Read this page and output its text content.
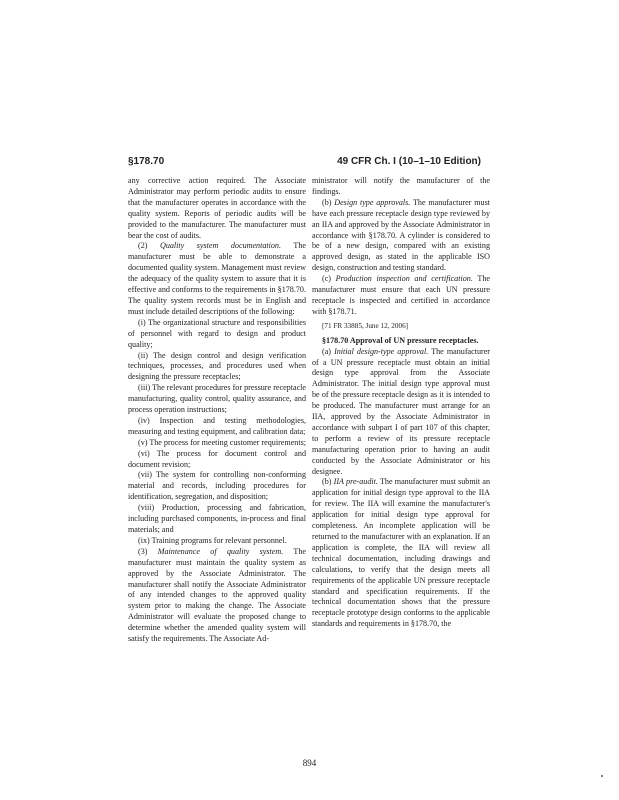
§178.70	49 CFR Ch. I (10–1–10 Edition)

any corrective action required. The Associate Administrator may perform periodic audits to ensure that the manufacturer operates in accordance with the quality system. Reports of periodic audits will be provided to the manufacturer. The manufacturer must bear the cost of audits.

(2) Quality system documentation. The manufacturer must be able to demonstrate a documented quality system. Management must review the adequacy of the quality system to assure that it is effective and conforms to the requirements in §178.70. The quality system records must be in English and must include detailed descriptions of the following:

(i) The organizational structure and responsibilities of personnel with regard to design and product quality;

(ii) The design control and design verification techniques, processes, and procedures used when designing the pressure receptacles;

(iii) The relevant procedures for pressure receptacle manufacturing, quality control, quality assurance, and process operation instructions;

(iv) Inspection and testing methodologies, measuring and testing equipment, and calibration data;

(v) The process for meeting customer requirements;

(vi) The process for document control and document revision;

(vii) The system for controlling non-conforming material and records, including procedures for identification, segregation, and disposition;

(viii) Production, processing and fabrication, including purchased components, in-process and final materials; and

(ix) Training programs for relevant personnel.

(3) Maintenance of quality system. The manufacturer must maintain the quality system as approved by the Associate Administrator. The manufacturer shall notify the Associate Administrator of any intended changes to the approved quality system prior to making the change. The Associate Administrator will evaluate the proposed change to determine whether the amended quality system will satisfy the requirements. The Associate Ad-

ministrator will notify the manufacturer of the findings.

(b) Design type approvals. The manufacturer must have each pressure receptacle design type reviewed by an IIA and approved by the Associate Administrator in accordance with §178.70. A cylinder is considered to be of a new design, compared with an existing approved design, as stated in the applicable ISO design, construction and testing standard.

(c) Production inspection and certification. The manufacturer must ensure that each UN pressure receptacle is inspected and certified in accordance with §178.71.

[71 FR 33885, June 12, 2006]

§178.70 Approval of UN pressure receptacles.

(a) Initial design-type approval. The manufacturer of a UN pressure receptacle must obtain an initial design type approval from the Associate Administrator. The initial design type approval must be of the pressure receptacle design as it is intended to be produced. The manufacturer must arrange for an IIA, approved by the Associate Administrator in accordance with subpart I of part 107 of this chapter, to perform a review of its pressure receptacle manufacturing operation prior to having an audit conducted by the Associate Administrator or his designee.

(b) IIA pre-audit. The manufacturer must submit an application for initial design type approval to the IIA for review. The IIA will examine the manufacturer's application for initial design type approval for completeness. An incomplete application will be returned to the manufacturer with an explanation. If an application is complete, the IIA will review all technical documentation, including drawings and calculations, to verify that the design meets all requirements of the applicable UN pressure receptacle standard and specification requirements. If the technical documentation shows that the pressure receptacle prototype design conforms to the applicable standards and requirements in §178.70, the

894
